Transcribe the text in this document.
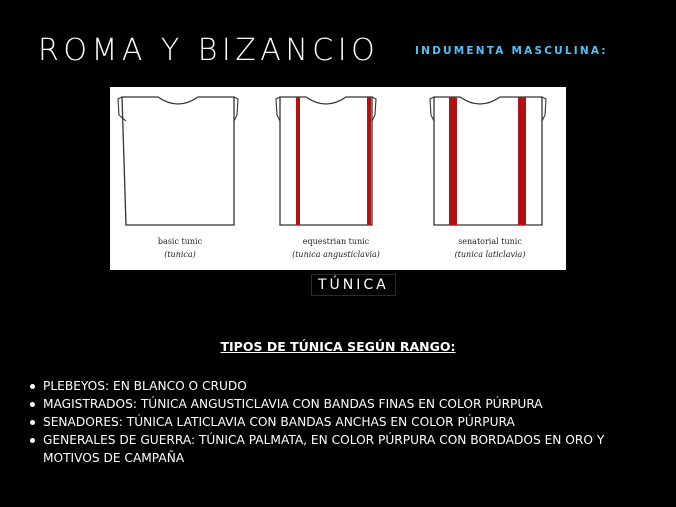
ROMA Y BIZANCIO	INDUMENTA MASCULINA:
basic tunic
(tunica)
equestrian tunic
(tunica angusticlavia)
senatorial tunic
(tunica laticlavia)
TÚNICA
TIPOS DE TÚNICA SEGÚN RANGO:
PLEBEYOS: EN BLANCO O CRUDO
MAGISTRADOS: TÚNICA ANGUSTICLAVIA CON BANDAS FINAS EN COLOR PÚRPURA
SENADORES: TÚNICA LATICLAVIA CON BANDAS ANCHAS EN COLOR PÚRPURA
GENERALES DE GUERRA: TÚNICA PALMATA, EN COLOR PÚRPURA CON BORDADOS EN ORO Y MOTIVOS DE CAMPAÑA
